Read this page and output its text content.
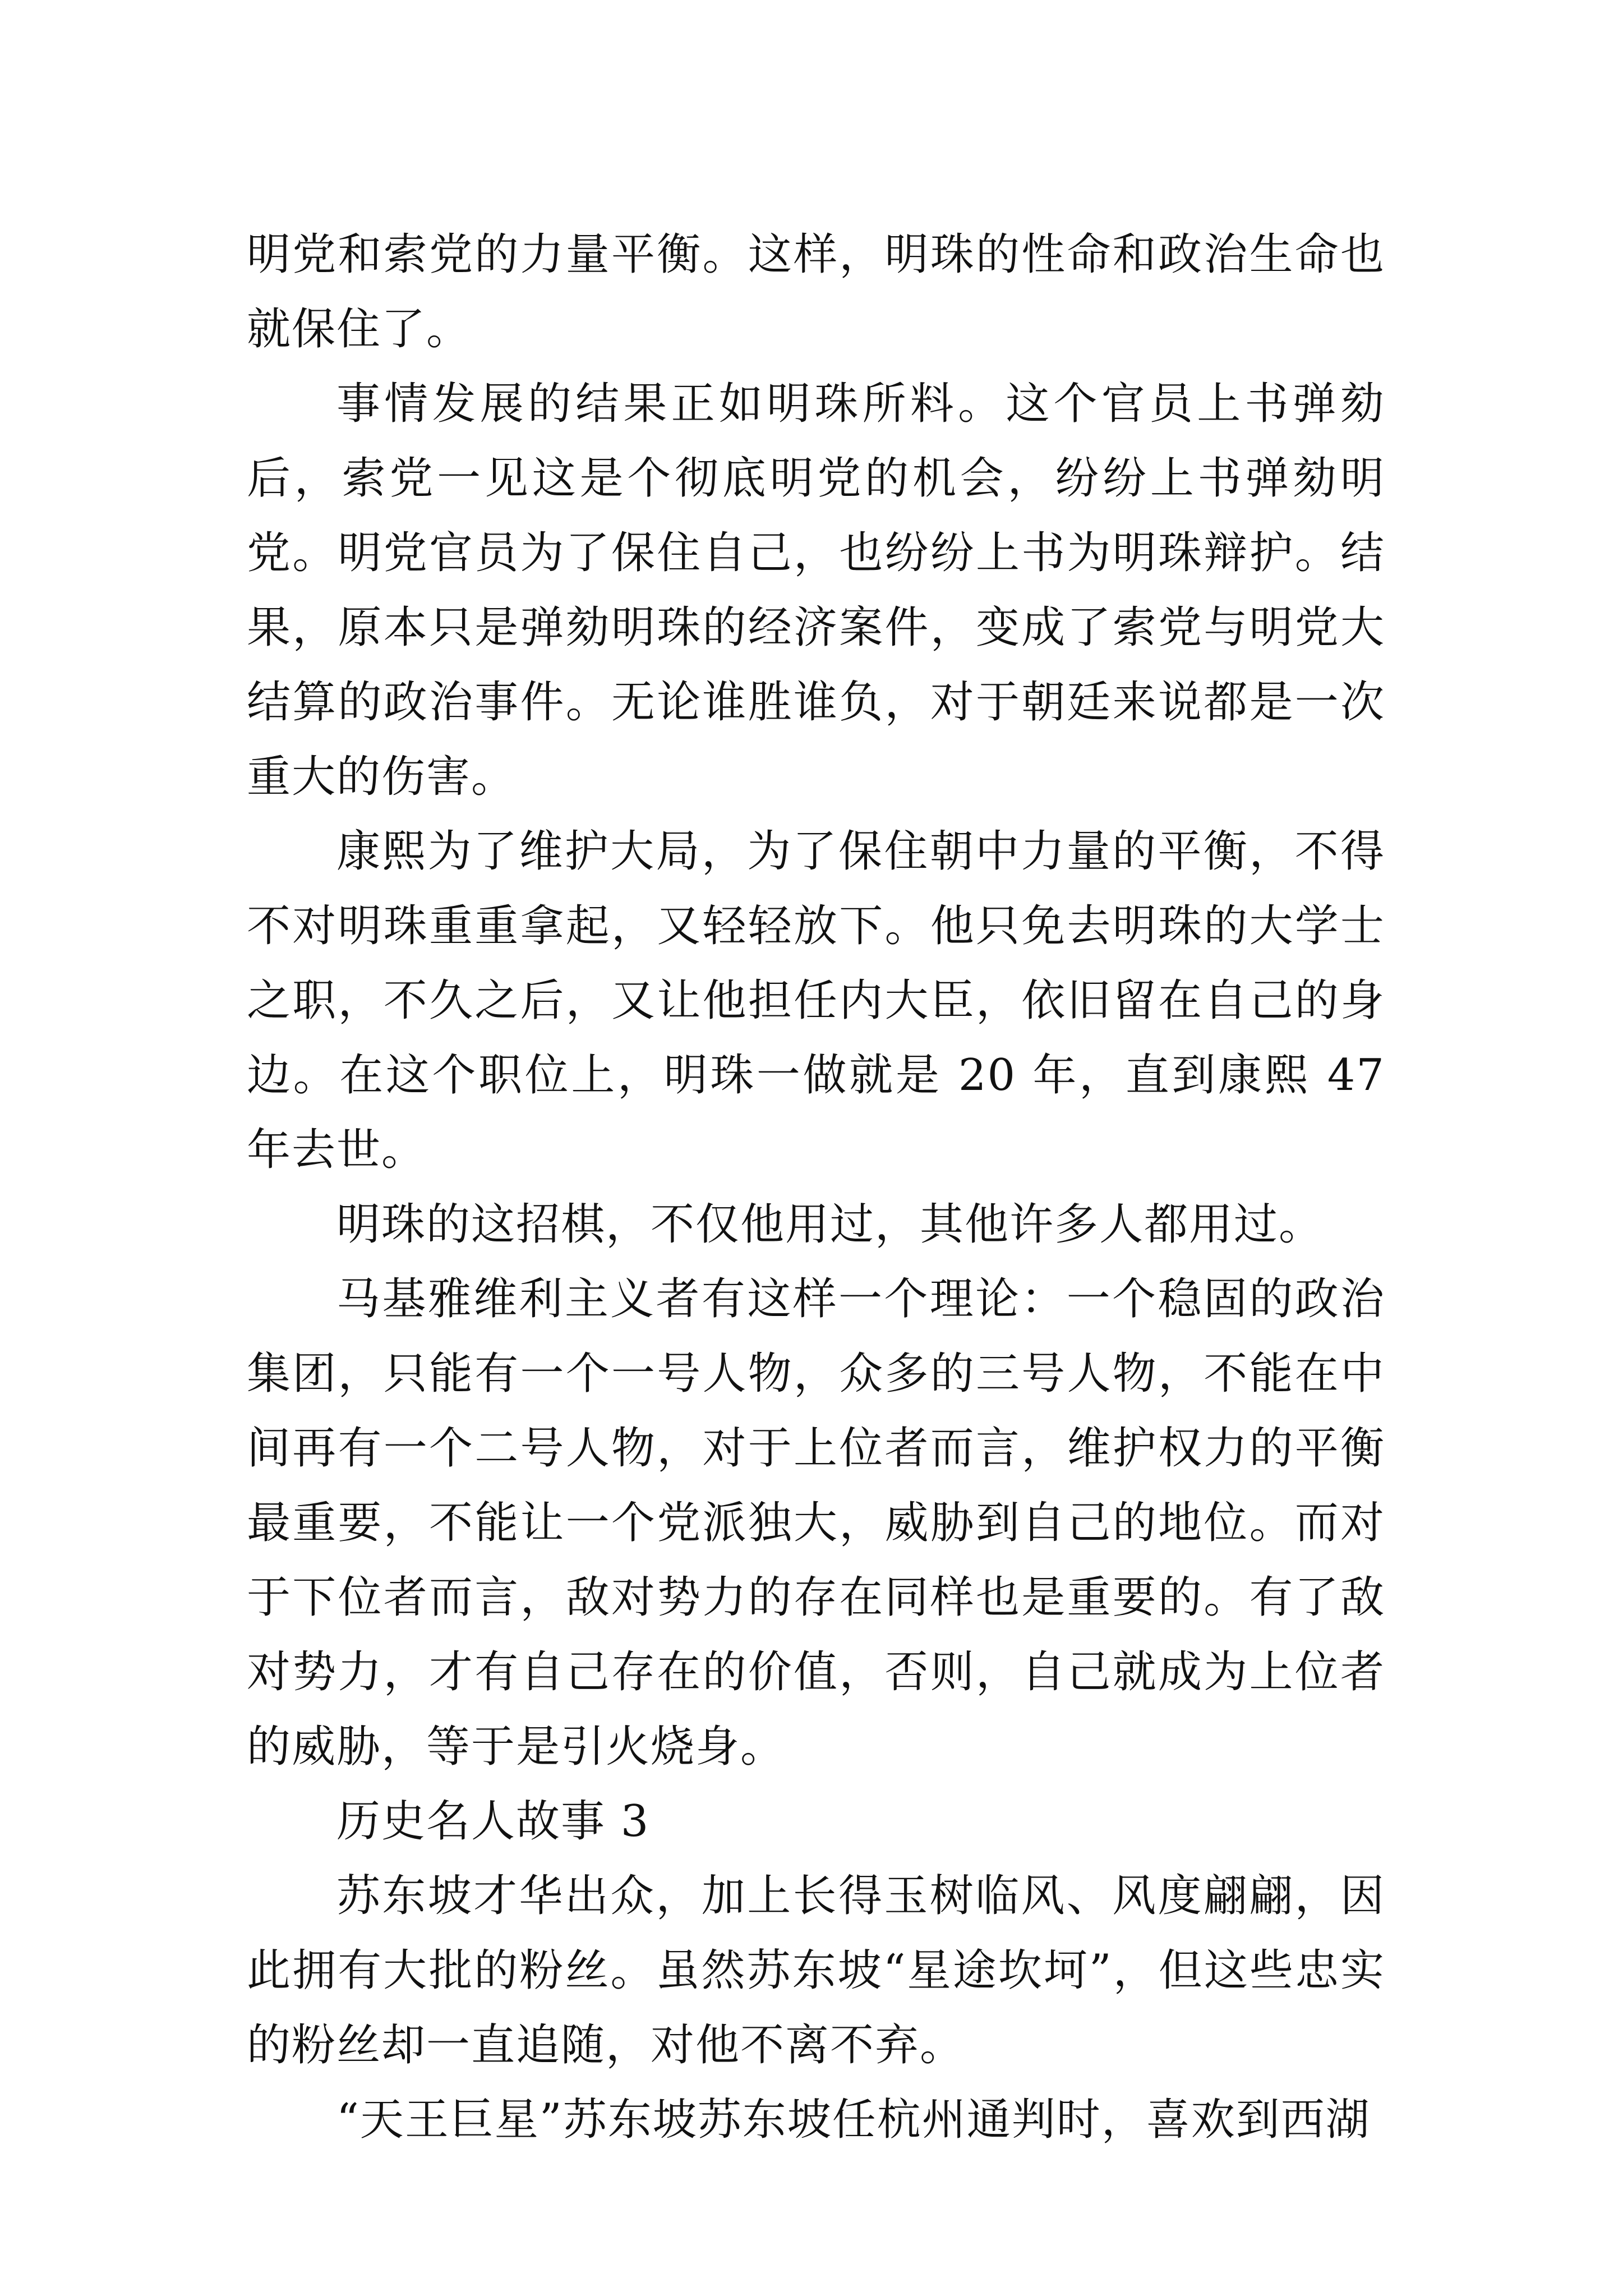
明党和索党的力量平衡。这样，明珠的性命和政治生命也就保住了。

事情发展的结果正如明珠所料。这个官员上书弹劾后，索党一见这是个彻底明党的机会，纷纷上书弹劾明党。明党官员为了保住自己，也纷纷上书为明珠辩护。结果，原本只是弹劾明珠的经济案件，变成了索党与明党大结算的政治事件。无论谁胜谁负，对于朝廷来说都是一次重大的伤害。

康熙为了维护大局，为了保住朝中力量的平衡，不得不对明珠重重拿起，又轻轻放下。他只免去明珠的大学士之职，不久之后，又让他担任内大臣，依旧留在自己的身边。在这个职位上，明珠一做就是 20 年，直到康熙 47 年去世。

明珠的这招棋，不仅他用过，其他许多人都用过。

马基雅维利主义者有这样一个理论：一个稳固的政治集团，只能有一个一号人物，众多的三号人物，不能在中间再有一个二号人物，对于上位者而言，维护权力的平衡最重要，不能让一个党派独大，威胁到自己的地位。而对于下位者而言，敌对势力的存在同样也是重要的。有了敌对势力，才有自己存在的价值，否则，自己就成为上位者的威胁，等于是引火烧身。

历史名人故事 3

苏东坡才华出众，加上长得玉树临风、风度翩翩，因此拥有大批的粉丝。虽然苏东坡“星途坎坷”，但这些忠实的粉丝却一直追随，对他不离不弃。

“天王巨星”苏东坡苏东坡任杭州通判时，喜欢到西湖
